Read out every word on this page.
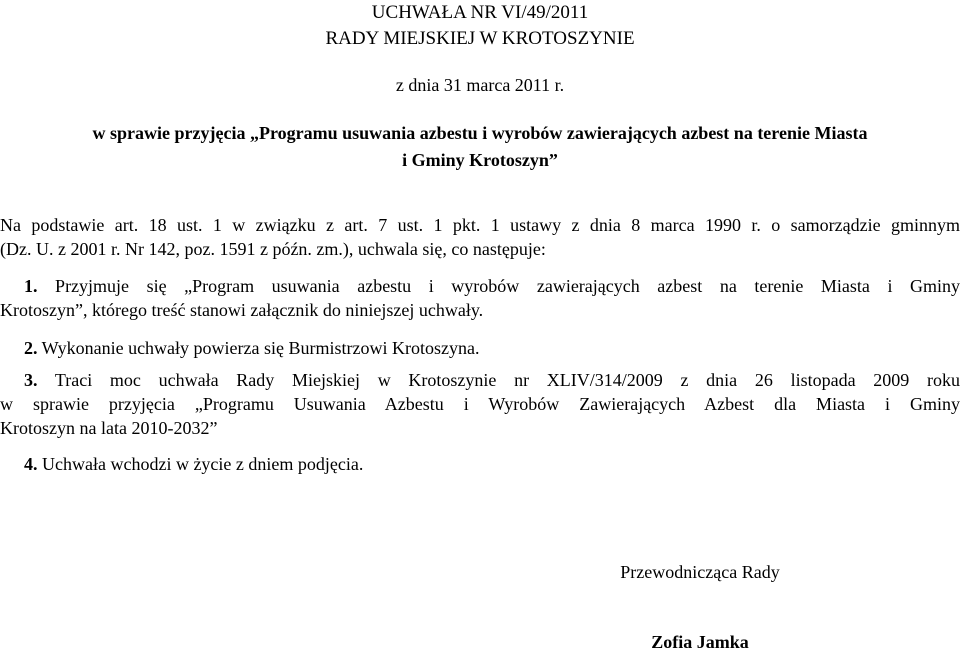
UCHWAŁA NR VI/49/2011
RADY MIEJSKIEJ W KROTOSZYNIE
z dnia 31 marca 2011 r.
w sprawie przyjęcia „Programu usuwania azbestu i wyrobów zawierających azbest na terenie Miasta
i Gminy Krotoszyn”
Na podstawie art. 18 ust. 1 w związku z art. 7 ust. 1 pkt. 1 ustawy z dnia 8 marca 1990 r. o samorządzie gminnym
(Dz. U. z 2001 r. Nr 142, poz. 1591 z późn. zm.), uchwala się, co następuje:
1. Przyjmuje się „Program usuwania azbestu i wyrobów zawierających azbest na terenie Miasta i Gminy
Krotoszyn”, którego treść stanowi załącznik do niniejszej uchwały.
2. Wykonanie uchwały powierza się Burmistrzowi Krotoszyna.
3. Traci moc uchwała Rady Miejskiej w Krotoszynie nr XLIV/314/2009 z dnia 26 listopada 2009 roku
w sprawie przyjęcia „Programu Usuwania Azbestu i Wyrobów Zawierających Azbest dla Miasta i Gminy
Krotoszyn na lata 2010-2032”
4. Uchwała wchodzi w życie z dniem podjęcia.
Przewodnicząca Rady
Zofia Jamka
